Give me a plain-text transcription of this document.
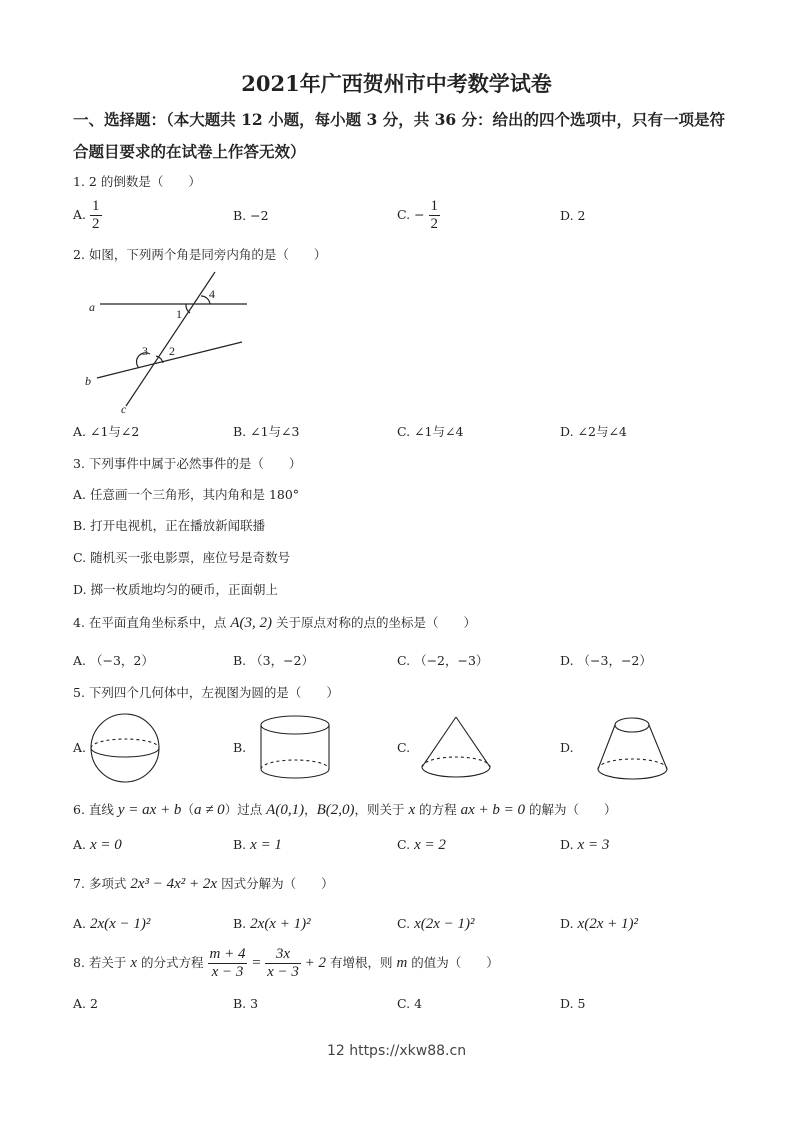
2021年广西贺州市中考数学试卷
一、选择题：（本大题共 12 小题，每小题 3 分，共 36 分：给出的四个选项中，只有一项是符
合题目要求的在试卷上作答无效）
1. 2 的倒数是（　　）
A. $\frac{1}{2}$	B. −2	C. − $\frac{1}{2}$	D. 2
2. 如图，下列两个角是同旁内角的是（　　）
a
b
c
1
2
3
4
A. ∠1与∠2	B. ∠1与∠3	C. ∠1与∠4	D. ∠2与∠4
3. 下列事件中属于必然事件的是（　　）
A. 任意画一个三角形，其内角和是 180°
B. 打开电视机，正在播放新闻联播
C. 随机买一张电影票，座位号是奇数号
D. 掷一枚质地均匀的硬币，正面朝上
4. 在平面直角坐标系中，点 A(3, 2) 关于原点对称的点的坐标是（　　）
A. （−3，2）	B. （3，−2）	C. （−2，−3）	D. （−3，−2）
5. 下列四个几何体中，左视图为圆的是（　　）
A.	B.	C.	D.
6. 直线 y = ax + b（a ≠ 0）过点 A(0,1)，B(2,0)，则关于 x 的方程 ax + b = 0 的解为（　　）
A. x = 0	B. x = 1	C. x = 2	D. x = 3
7. 多项式 2x³ − 4x² + 2x 因式分解为（　　）
A. 2x(x − 1)²	B. 2x(x + 1)²	C. x(2x − 1)²	D. x(2x + 1)²
8. 若关于 x 的分式方程 $\frac{m + 4}{x - 3} = \frac{3x}{x - 3} + 2$ 有增根，则 m 的值为（　　）
A. 2	B. 3	C. 4	D. 5
12 https://xkw88.cn
